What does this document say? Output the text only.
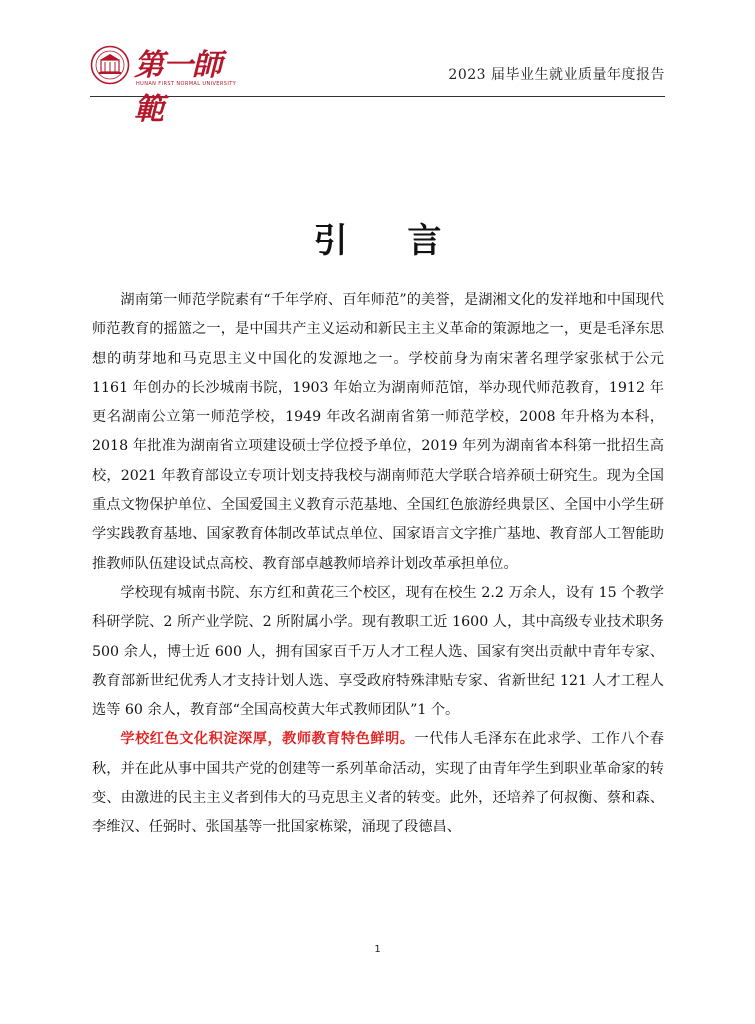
第一師範
HUNAN FIRST NORMAL UNIVERSITY
2023 届毕业生就业质量年度报告
引 言

湖南第一师范学院素有“千年学府、百年师范”的美誉，是湖湘文化的发祥地和中国现代师范教育的摇篮之一，是中国共产主义运动和新民主主义革命的策源地之一，更是毛泽东思想的萌芽地和马克思主义中国化的发源地之一。学校前身为南宋著名理学家张栻于公元 1161 年创办的长沙城南书院，1903 年始立为湖南师范馆，举办现代师范教育，1912 年更名湖南公立第一师范学校，1949 年改名湖南省第一师范学校，2008 年升格为本科，2018 年批准为湖南省立项建设硕士学位授予单位，2019 年列为湖南省本科第一批招生高校，2021 年教育部设立专项计划支持我校与湖南师范大学联合培养硕士研究生。现为全国重点文物保护单位、全国爱国主义教育示范基地、全国红色旅游经典景区、全国中小学生研学实践教育基地、国家教育体制改革试点单位、国家语言文字推广基地、教育部人工智能助推教师队伍建设试点高校、教育部卓越教师培养计划改革承担单位。

学校现有城南书院、东方红和黄花三个校区，现有在校生 2.2 万余人，设有 15 个教学科研学院、2 所产业学院、2 所附属小学。现有教职工近 1600 人，其中高级专业技术职务 500 余人，博士近 600 人，拥有国家百千万人才工程人选、国家有突出贡献中青年专家、教育部新世纪优秀人才支持计划人选、享受政府特殊津贴专家、省新世纪 121 人才工程人选等 60 余人，教育部“全国高校黄大年式教师团队”1 个。

学校红色文化积淀深厚，教师教育特色鲜明。一代伟人毛泽东在此求学、工作八个春秋，并在此从事中国共产党的创建等一系列革命活动，实现了由青年学生到职业革命家的转变、由激进的民主主义者到伟大的马克思主义者的转变。此外，还培养了何叔衡、蔡和森、李维汉、任弼时、张国基等一批国家栋梁，涌现了段德昌、

1
